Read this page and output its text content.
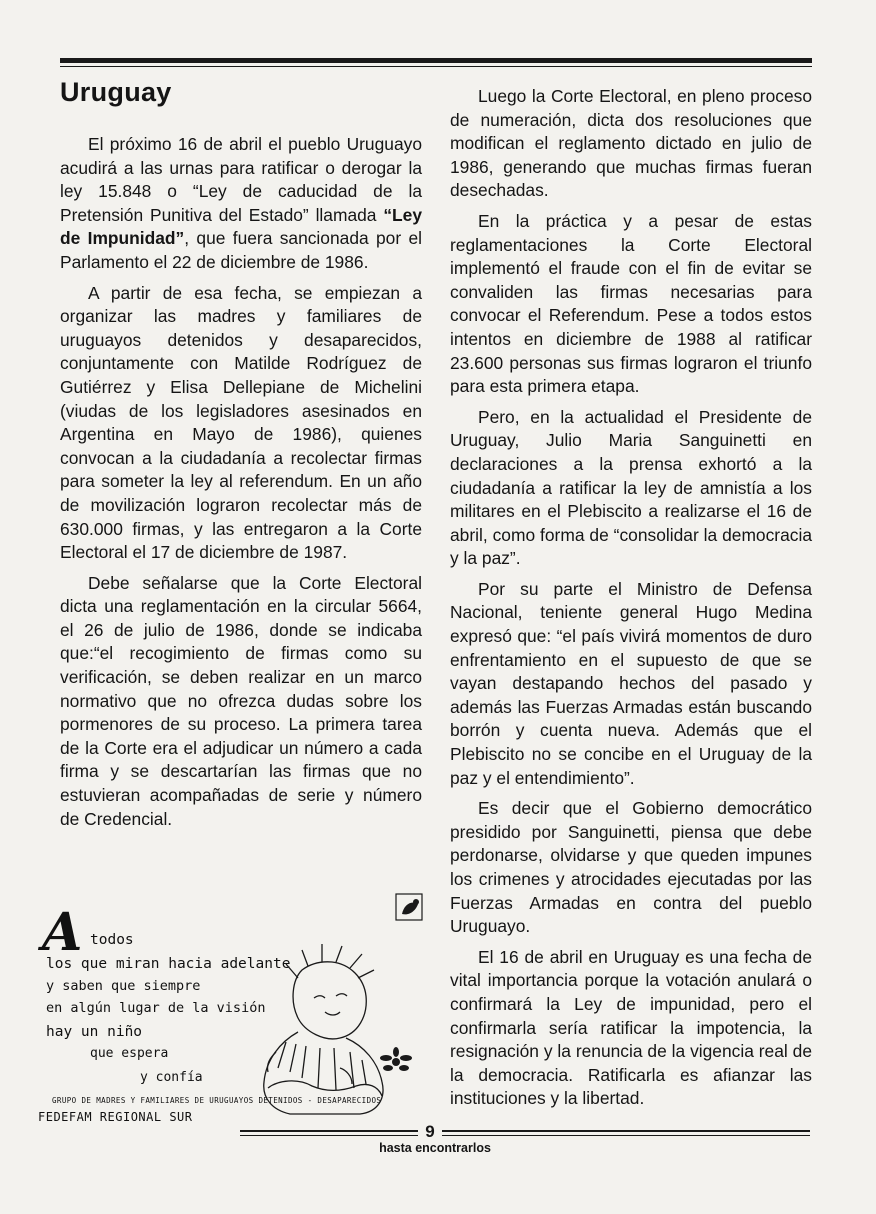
Uruguay

El próximo 16 de abril el pueblo Uruguayo acudirá a las urnas para ratificar o derogar la ley 15.848 o “Ley de caducidad de la Pretensión Punitiva del Estado” llamada “Ley de Impunidad”, que fuera sancionada por el Parlamento el 22 de diciembre de 1986.

A partir de esa fecha, se empiezan a organizar las madres y familiares de uruguayos detenidos y desaparecidos, conjuntamente con Matilde Rodríguez de Gutiérrez y Elisa Dellepiane de Michelini (viudas de los legisladores asesinados en Argentina en Mayo de 1986), quienes convocan a la ciudadanía a recolectar firmas para someter la ley al referendum. En un año de movilización lograron recolectar más de 630.000 firmas, y las entregaron a la Corte Electoral el 17 de diciembre de 1987.

Debe señalarse que la Corte Electoral dicta una reglamentación en la circular 5664, el 26 de julio de 1986, donde se indicaba que:“el recogimiento de firmas como su verificación, se deben realizar en un marco normativo que no ofrezca dudas sobre los pormenores de su proceso. La primera tarea de la Corte era el adjudicar un número a cada firma y se descartarían las firmas que no estuvieran acompañadas de serie y número de Credencial.

Luego la Corte Electoral, en pleno proceso de numeración, dicta dos resoluciones que modifican el reglamento dictado en julio de 1986, generando que muchas firmas fueran desechadas.

En la práctica y a pesar de estas reglamentaciones la Corte Electoral implementó el fraude con el fin de evitar se convaliden las firmas necesarias para convocar el Referendum. Pese a todos estos intentos en diciembre de 1988 al ratificar 23.600 personas sus firmas lograron el triunfo para esta primera etapa.

Pero, en la actualidad el Presidente de Uruguay, Julio Maria Sanguinetti en declaraciones a la prensa exhortó a la ciudadanía a ratificar la ley de amnistía a los militares en el Plebiscito a realizarse el 16 de abril, como forma de “consolidar la democracia y la paz”.

Por su parte el Ministro de Defensa Nacional, teniente general Hugo Medina expresó que: “el país vivirá momentos de duro enfrentamiento en el supuesto de que se vayan destapando hechos del pasado y además las Fuerzas Armadas están buscando borrón y cuenta nueva. Además que el Plebiscito no se concibe en el Uruguay de la paz y el entendimiento”.

Es decir que el Gobierno democrático presidido por Sanguinetti, piensa que debe perdonarse, olvidarse y que queden impunes los crimenes y atrocidades ejecutadas por las Fuerzas Armadas en contra del pueblo Uruguayo.

El 16 de abril en Uruguay es una fecha de vital importancia porque la votación anulará o confirmará la Ley de impunidad, pero el confirmarla sería ratificar la impotencia, la resignación y la renuncia de la vigencia real de la democracia. Ratificarla es afianzar las instituciones y la libertad.

A todos
los que miran hacia adelante
y saben que siempre
en algún lugar de la visión
hay un niño
que espera
y confía
GRUPO DE MADRES Y FAMILIARES DE URUGUAYOS DETENIDOS - DESAPARECIDOS
FEDEFAM REGIONAL SUR
9
hasta encontrarlos
